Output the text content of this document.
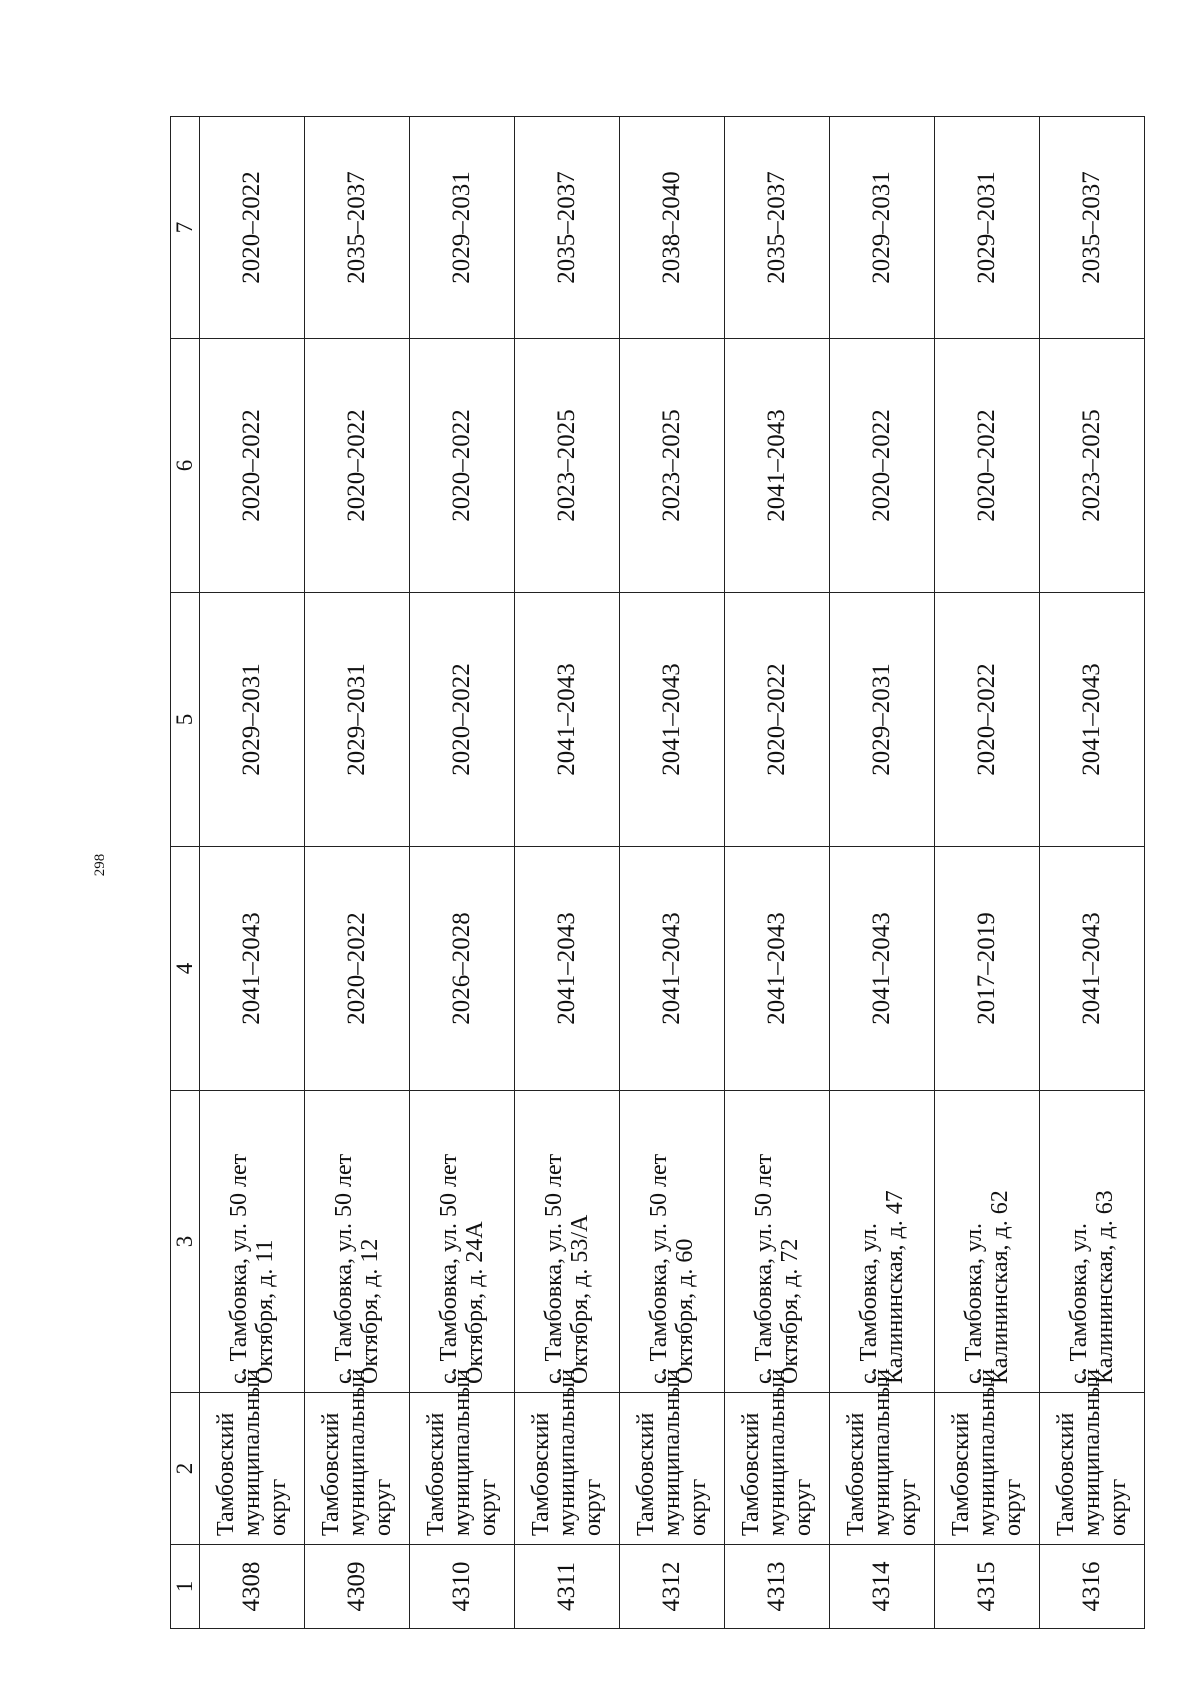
298
1	2	3	4	5	6	7
4308	Тамбовский муниципальный округ	с. Тамбовка, ул. 50 лет Октября, д. 11	2041–2043	2029–2031	2020–2022	2020–2022
4309	Тамбовский муниципальный округ	с. Тамбовка, ул. 50 лет Октября, д. 12	2020–2022	2029–2031	2020–2022	2035–2037
4310	Тамбовский муниципальный округ	с. Тамбовка, ул. 50 лет Октября, д. 24А	2026–2028	2020–2022	2020–2022	2029–2031
4311	Тамбовский муниципальный округ	с. Тамбовка, ул. 50 лет Октября, д. 53/А	2041–2043	2041–2043	2023–2025	2035–2037
4312	Тамбовский муниципальный округ	с. Тамбовка, ул. 50 лет Октября, д. 60	2041–2043	2041–2043	2023–2025	2038–2040
4313	Тамбовский муниципальный округ	с. Тамбовка, ул. 50 лет Октября, д. 72	2041–2043	2020–2022	2041–2043	2035–2037
4314	Тамбовский муниципальный округ	с. Тамбовка, ул. Калининская, д. 47	2041–2043	2029–2031	2020–2022	2029–2031
4315	Тамбовский муниципальный округ	с. Тамбовка, ул. Калининская, д. 62	2017–2019	2020–2022	2020–2022	2029–2031
4316	Тамбовский муниципальный округ	с. Тамбовка, ул. Калининская, д. 63	2041–2043	2041–2043	2023–2025	2035–2037
